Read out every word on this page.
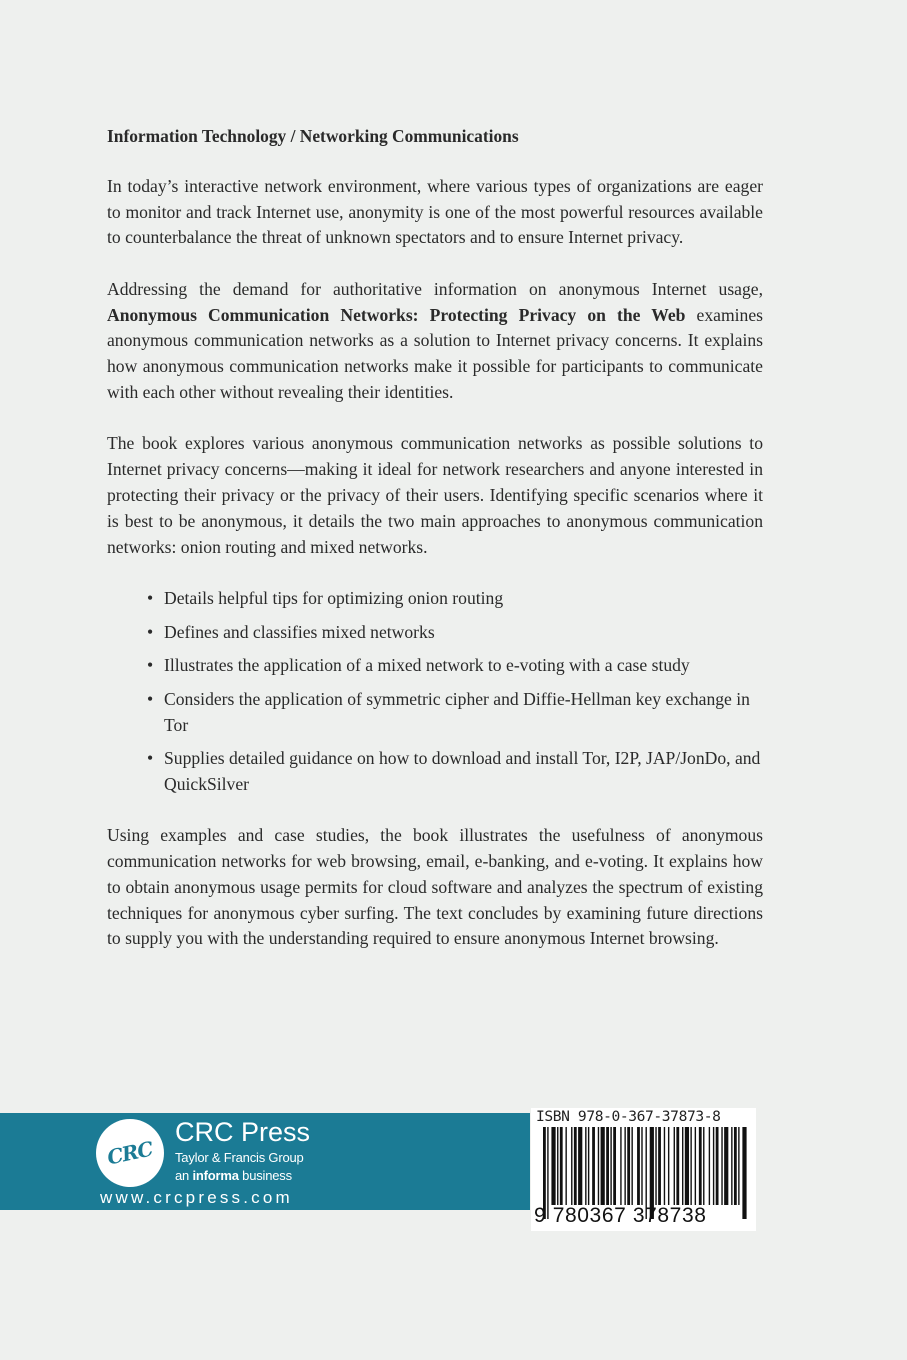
Information Technology / Networking Communications

In today’s interactive network environment, where various types of organizations are eager to monitor and track Internet use, anonymity is one of the most powerful resources available to counterbalance the threat of unknown spectators and to ensure Internet privacy.

Addressing the demand for authoritative information on anonymous Internet usage, Anonymous Communication Networks: Protecting Privacy on the Web examines anonymous communication networks as a solution to Internet privacy concerns. It explains how anonymous communication networks make it possible for participants to communicate with each other without revealing their identities.

The book explores various anonymous communication networks as possible solutions to Internet privacy concerns—making it ideal for network researchers and anyone interested in protecting their privacy or the privacy of their users. Identifying specific scenarios where it is best to be anonymous, it details the two main approaches to anonymous communication networks: onion routing and mixed networks.

• Details helpful tips for optimizing onion routing
• Defines and classifies mixed networks
• Illustrates the application of a mixed network to e-voting with a case study
• Considers the application of symmetric cipher and Diffie-Hellman key exchange in Tor
• Supplies detailed guidance on how to download and install Tor, I2P, JAP/JonDo, and QuickSilver

Using examples and case studies, the book illustrates the usefulness of anonymous communication networks for web browsing, email, e-banking, and e-voting. It explains how to obtain anonymous usage permits for cloud software and analyzes the spectrum of existing techniques for anonymous cyber surfing. The text concludes by examining future directions to supply you with the understanding required to ensure anonymous Internet browsing.

CRC
CRC Press
Taylor & Francis Group
an informa business
www.crcpress.com
ISBN 978-0-367-37873-8
9 780367 378738
